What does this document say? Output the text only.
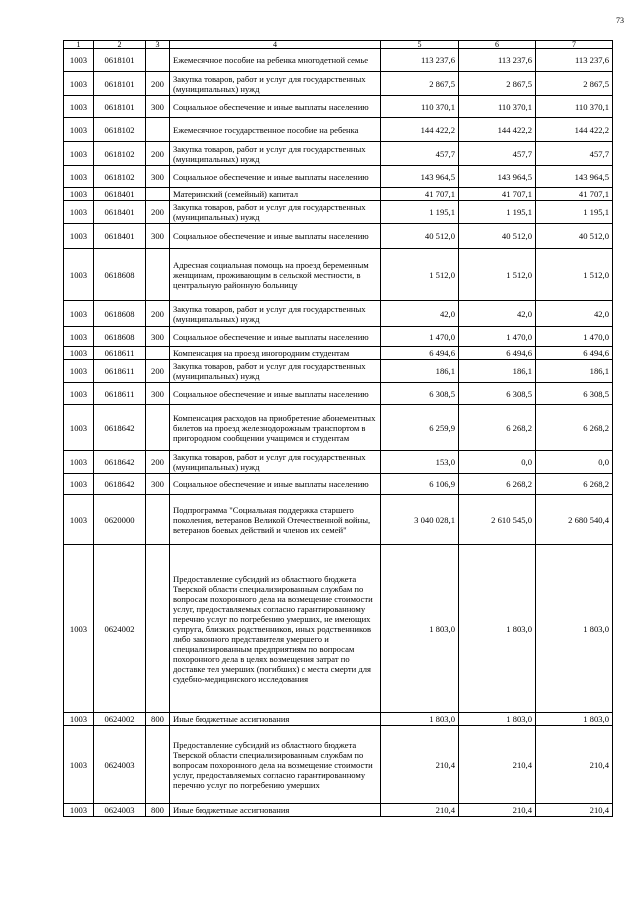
73
1	2	3	4	5	6	7
1003	0618101		Ежемесячное пособие на ребенка многодетной семье	113 237,6	113 237,6	113 237,6
1003	0618101	200	Закупка товаров, работ и услуг для государственных (муниципальных) нужд	2 867,5	2 867,5	2 867,5
1003	0618101	300	Социальное обеспечение и иные выплаты населению	110 370,1	110 370,1	110 370,1
1003	0618102		Ежемесячное государственное пособие на ребенка	144 422,2	144 422,2	144 422,2
1003	0618102	200	Закупка товаров, работ и услуг для государственных (муниципальных) нужд	457,7	457,7	457,7
1003	0618102	300	Социальное обеспечение и иные выплаты населению	143 964,5	143 964,5	143 964,5
1003	0618401		Материнский (семейный) капитал	41 707,1	41 707,1	41 707,1
1003	0618401	200	Закупка товаров, работ и услуг для государственных (муниципальных) нужд	1 195,1	1 195,1	1 195,1
1003	0618401	300	Социальное обеспечение и иные выплаты населению	40 512,0	40 512,0	40 512,0
1003	0618608		Адресная социальная помощь на проезд беременным женщинам, проживающим в сельской местности, в центральную районную больницу	1 512,0	1 512,0	1 512,0
1003	0618608	200	Закупка товаров, работ и услуг для государственных (муниципальных) нужд	42,0	42,0	42,0
1003	0618608	300	Социальное обеспечение и иные выплаты населению	1 470,0	1 470,0	1 470,0
1003	0618611		Компенсация на проезд иногородним студентам	6 494,6	6 494,6	6 494,6
1003	0618611	200	Закупка товаров, работ и услуг для государственных (муниципальных) нужд	186,1	186,1	186,1
1003	0618611	300	Социальное обеспечение и иные выплаты населению	6 308,5	6 308,5	6 308,5
1003	0618642		Компенсация расходов на приобретение абонементных билетов на проезд железнодорожным транспортом в пригородном сообщении учащимся и студентам	6 259,9	6 268,2	6 268,2
1003	0618642	200	Закупка товаров, работ и услуг для государственных (муниципальных) нужд	153,0	0,0	0,0
1003	0618642	300	Социальное обеспечение и иные выплаты населению	6 106,9	6 268,2	6 268,2
1003	0620000		Подпрограмма "Социальная поддержка старшего поколения, ветеранов Великой Отечественной войны, ветеранов боевых действий и членов их семей"	3 040 028,1	2 610 545,0	2 680 540,4
1003	0624002		Предоставление субсидий из областного бюджета Тверской области специализированным службам по вопросам похоронного дела на возмещение стоимости услуг, предоставляемых согласно гарантированному перечню услуг по погребению умерших, не имеющих супруга, близких родственников, иных родственников либо законного представителя умершего и специализированным предприятиям по вопросам похоронного дела в целях возмещения затрат по доставке тел умерших (погибших) с места смерти для судебно-медицинского исследования	1 803,0	1 803,0	1 803,0
1003	0624002	800	Иные бюджетные ассигнования	1 803,0	1 803,0	1 803,0
1003	0624003		Предоставление субсидий из областного бюджета Тверской области специализированным службам по вопросам похоронного дела на возмещение стоимости услуг, предоставляемых согласно гарантированному перечню услуг по погребению умерших	210,4	210,4	210,4
1003	0624003	800	Иные бюджетные ассигнования	210,4	210,4	210,4
